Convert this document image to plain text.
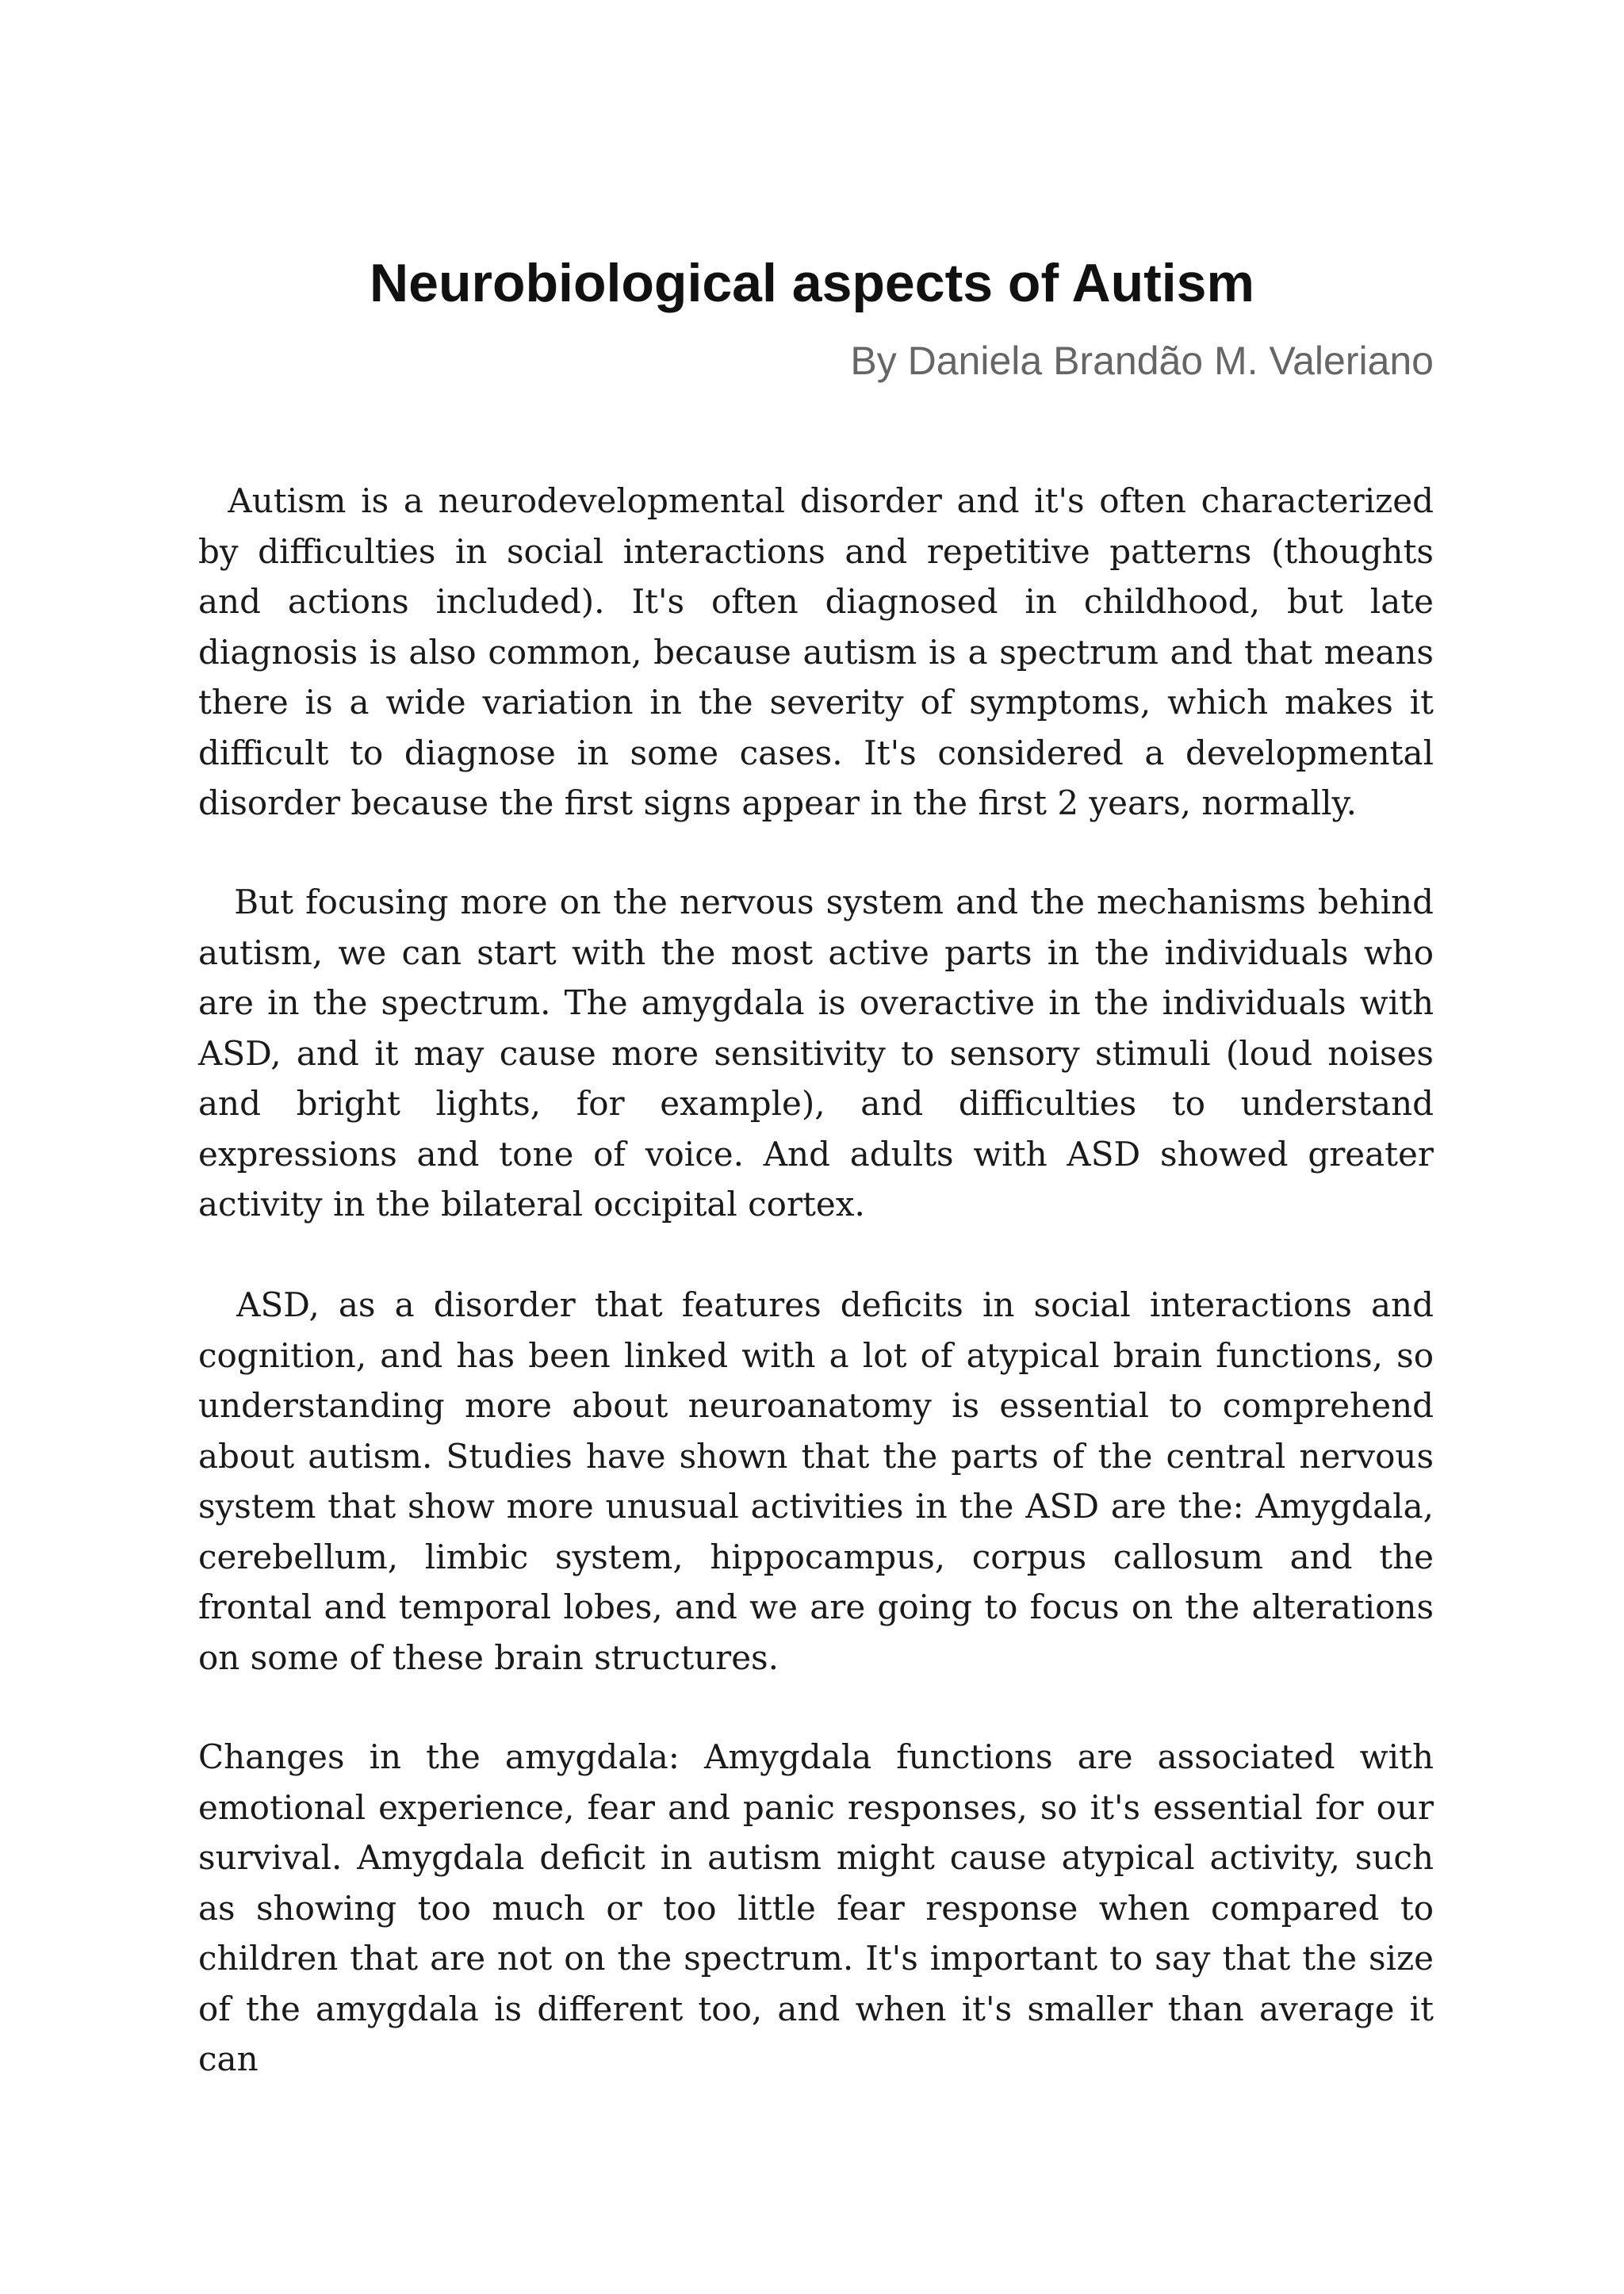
Neurobiological aspects of Autism

By Daniela Brandão M. Valeriano

Autism is a neurodevelopmental disorder and it's often characterized by difficulties in social interactions and repetitive patterns (thoughts and actions included). It's often diagnosed in childhood, but late diagnosis is also common, because autism is a spectrum and that means there is a wide variation in the severity of symptoms, which makes it difficult to diagnose in some cases. It's considered a developmental disorder because the first signs appear in the first 2 years, normally.

But focusing more on the nervous system and the mechanisms behind autism, we can start with the most active parts in the individuals who are in the spectrum. The amygdala is overactive in the individuals with ASD, and it may cause more sensitivity to sensory stimuli (loud noises and bright lights, for example), and difficulties to understand expressions and tone of voice. And adults with ASD showed greater activity in the bilateral occipital cortex.

ASD, as a disorder that features deficits in social interactions and cognition, and has been linked with a lot of atypical brain functions, so understanding more about neuroanatomy is essential to comprehend about autism. Studies have shown that the parts of the central nervous system that show more unusual activities in the ASD are the: Amygdala, cerebellum, limbic system, hippocampus, corpus callosum and the frontal and temporal lobes, and we are going to focus on the alterations on some of these brain structures.

Changes in the amygdala: Amygdala functions are associated with emotional experience, fear and panic responses, so it's essential for our survival. Amygdala deficit in autism might cause atypical activity, such as showing too much or too little fear response when compared to children that are not on the spectrum. It's important to say that the size of the amygdala is different too, and when it's smaller than average it can
